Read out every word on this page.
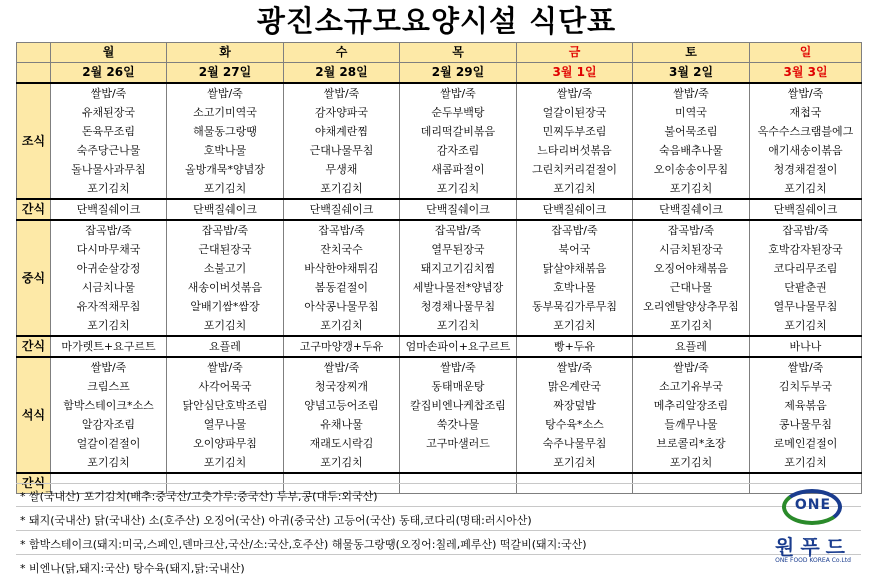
광진소규모요양시설 식단표
	월	화	수	목	금	토	일
	2월 26일	2월 27일	2월 28일	2월 29일	3월 1일	3월 2일	3월 3일
조식	쌀밥/죽	쌀밥/죽	쌀밥/죽	쌀밥/죽	쌀밥/죽	쌀밥/죽	쌀밥/죽
	유채된장국	소고기미역국	감자양파국	순두부백탕	얼갈이된장국	미역국	재첩국
	돈육무조림	해물동그랑땡	야채계란찜	데리떡갈비볶음	민찌두부조림	불어묵조림	옥수수스크램블에그
	숙주당근나물	호박나물	근대나물무침	감자조림	느타리버섯볶음	숙음배추나물	애기새송이볶음
	돌나물사과무침	올방개묵*양념장	무생채	새콤파절이	그린치커리겉절이	오이송송이무침	청경채겉절이
	포기김치	포기김치	포기김치	포기김치	포기김치	포기김치	포기김치
간식	단백질쉐이크	단백질쉐이크	단백질쉐이크	단백질쉐이크	단백질쉐이크	단백질쉐이크	단백질쉐이크
중식	잡곡밥/죽	잡곡밥/죽	잡곡밥/죽	잡곡밥/죽	잡곡밥/죽	잡곡밥/죽	잡곡밥/죽
	다시마무채국	근대된장국	잔치국수	열무된장국	북어국	시금치된장국	호박감자된장국
	아귀순살강정	소불고기	바삭한야채튀김	돼지고기김치찜	닭살야채볶음	오징어야채볶음	코다리무조림
	시금치나물	새송이버섯볶음	봄동겉절이	세발나물전*양념장	호박나물	근대나물	단팥춘권
	유자적채무침	알배기쌈*쌈장	아삭콩나물무침	청경채나물무침	동부묵김가루무침	오리엔탈양상추무침	열무나물무침
	포기김치	포기김치	포기김치	포기김치	포기김치	포기김치	포기김치
간식	마가렛트+요구르트	요플레	고구마양갱+두유	엄마손파이+요구르트	빵+두유	요플레	바나나
석식	쌀밥/죽	쌀밥/죽	쌀밥/죽	쌀밥/죽	쌀밥/죽	쌀밥/죽	쌀밥/죽
	크림스프	사각어묵국	청국장찌개	동태매운탕	맑은계란국	소고기유부국	김치두부국
	함박스테이크*소스	닭안심단호박조림	양념고등어조림	칼집비엔나케찹조림	짜장덮밥	메추리알장조림	제육볶음
	알감자조림	열무나물	유채나물	쑥갓나물	탕수육*소스	들깨무나물	콩나물무침
	얼갈이겉절이	오이양파무침	재래도시락김	고구마샐러드	숙주나물무침	브로콜리*초장	로메인겉절이
	포기김치	포기김치	포기김치		포기김치	포기김치	포기김치
간식							
* 쌀(국내산) 포기김치(배추:중국산/고춧가루:중국산) 두부,콩(대두:외국산)
* 돼지(국내산) 닭(국내산) 소(호주산) 오징어(국산) 아귀(중국산) 고등어(국산) 동태,코다리(명태:러시아산)
* 함박스테이크(돼지:미국,스페인,덴마크산,국산/소:국산,호주산) 해물동그랑땡(오징어:칠레,페루산) 떡갈비(돼지:국산)
* 비엔나(닭,돼지:국산) 탕수육(돼지,닭:국내산)
ONE
원푸드
ONE FOOD KOREA Co.Ltd
